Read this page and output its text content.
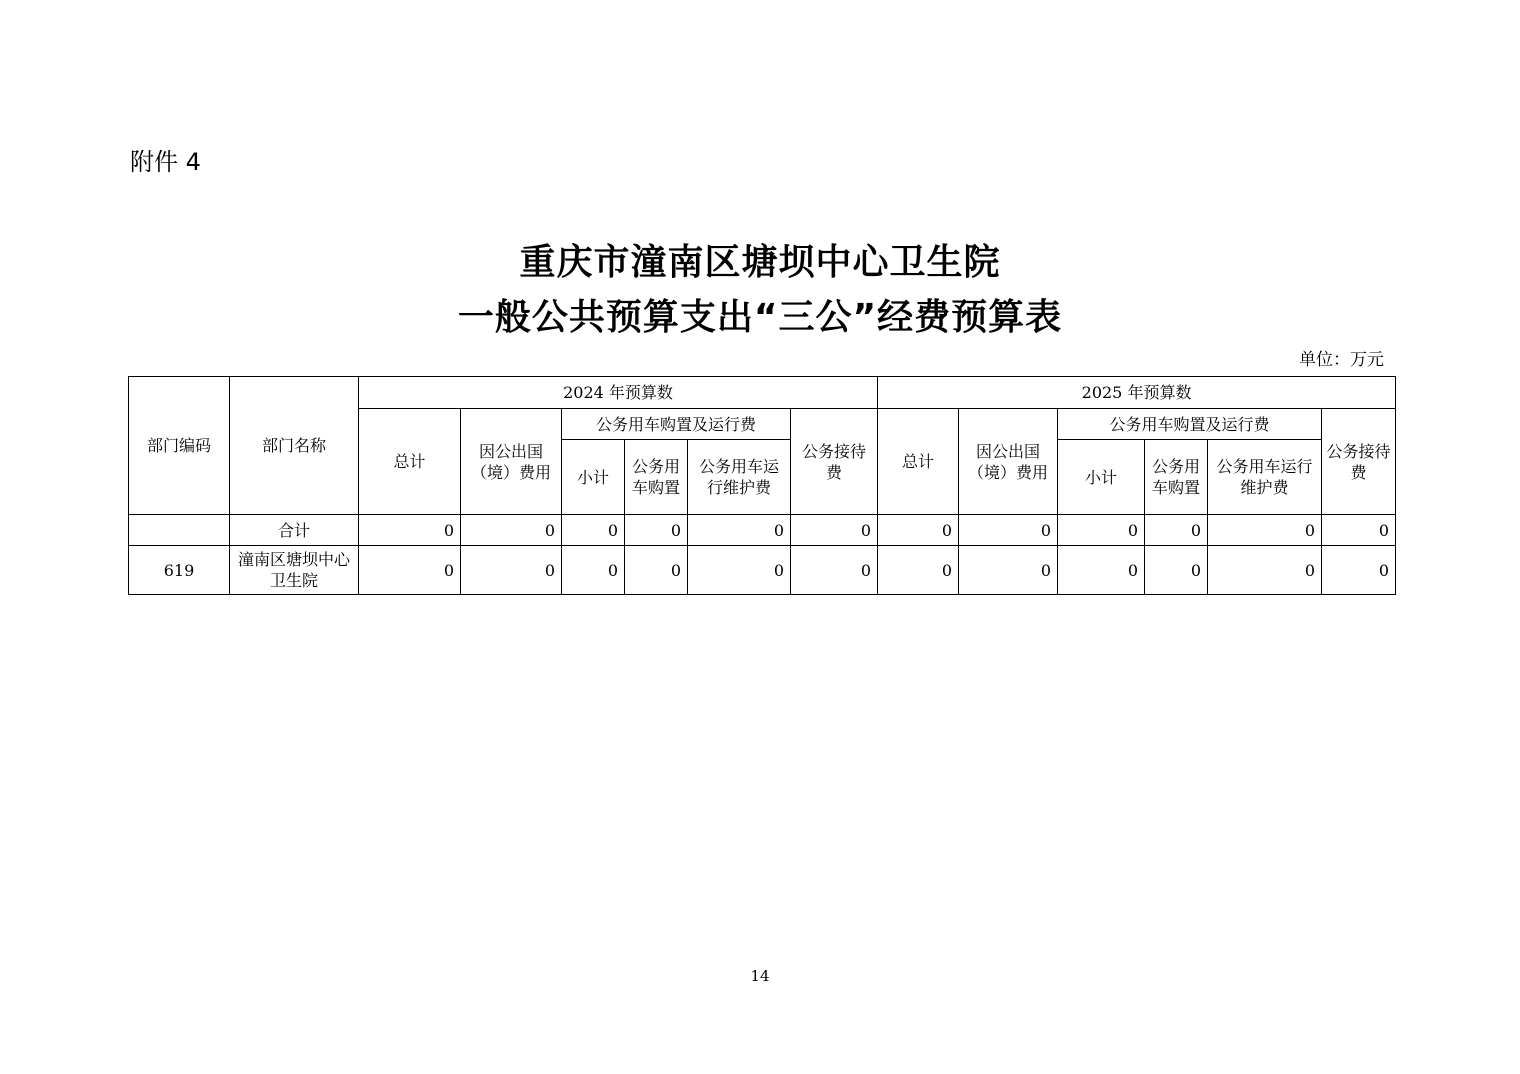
附件 4
重庆市潼南区塘坝中心卫生院
一般公共预算支出“三公”经费预算表
单位：万元
部门编码	部门名称	2024 年预算数						2025 年预算数					
		总计	因公出国（境）费用	公务用车购置及运行费			公务接待费	总计	因公出国（境）费用	公务用车购置及运行费			公务接待费
				小计	公务用车购置	公务用车运行维护费				小计	公务用车购置	公务用车运行维护费	

	合计	0	0	0	0	0	0	0	0	0	0	0	0
619	潼南区塘坝中心卫生院	0	0	0	0	0	0	0	0	0	0	0	0
14
